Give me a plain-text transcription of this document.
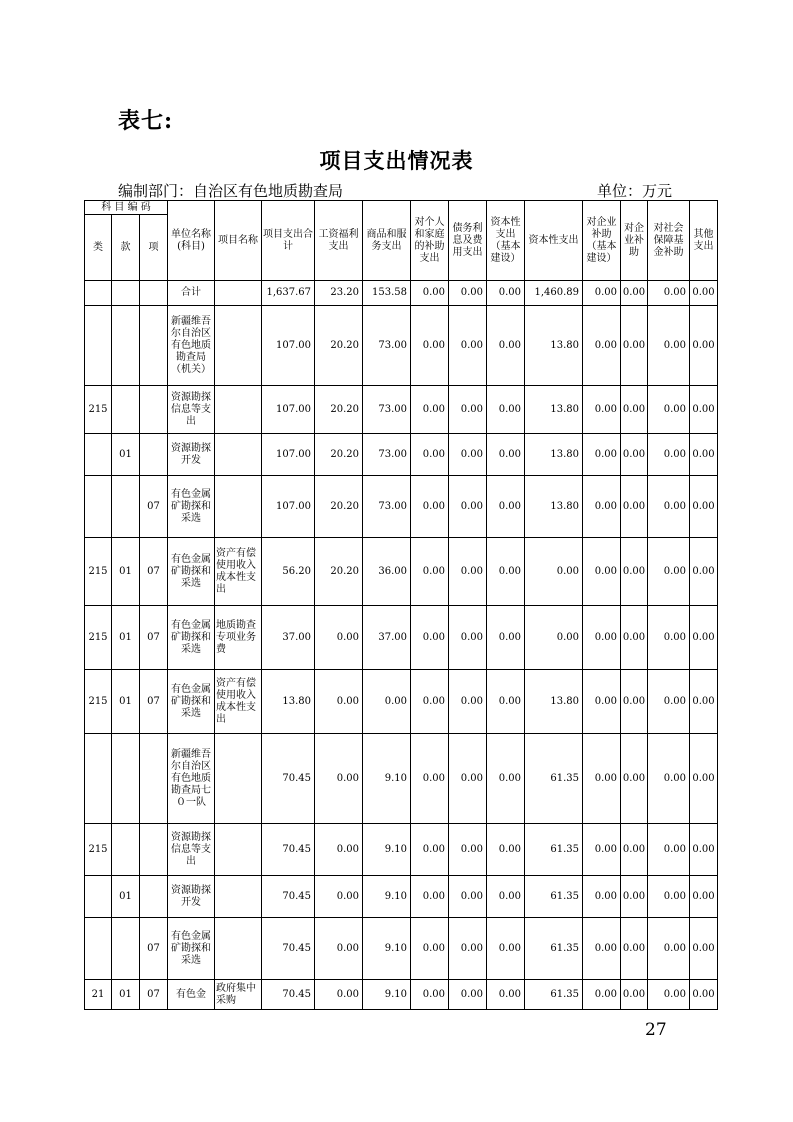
表七:
项目支出情况表
编制部门：自治区有色地质勘查局	单位：万元
科 目 编 码			单位名称(科目)	项目名称	项目支出合计	工资福利支出	商品和服务支出	对个人和家庭的补助支出	债务利息及费用支出	资本性支出（基本建设）	资本性支出	对企业补助（基本建设）	对企业补助	对社会保障基金补助	其他支出
类	款	项													
			合计		1,637.67	23.20	153.58	0.00	0.00	0.00	1,460.89	0.00	0.00	0.00	0.00
			新疆维吾尔自治区有色地质勘查局（机关）		107.00	20.20	73.00	0.00	0.00	0.00	13.80	0.00	0.00	0.00	0.00
215			资源勘探信息等支出		107.00	20.20	73.00	0.00	0.00	0.00	13.80	0.00	0.00	0.00	0.00
	01		资源勘探开发		107.00	20.20	73.00	0.00	0.00	0.00	13.80	0.00	0.00	0.00	0.00
		07	有色金属矿勘探和采选		107.00	20.20	73.00	0.00	0.00	0.00	13.80	0.00	0.00	0.00	0.00
215	01	07	有色金属矿勘探和采选	资产有偿使用收入成本性支出	56.20	20.20	36.00	0.00	0.00	0.00	0.00	0.00	0.00	0.00	0.00
215	01	07	有色金属矿勘探和采选	地质勘查专项业务费	37.00	0.00	37.00	0.00	0.00	0.00	0.00	0.00	0.00	0.00	0.00
215	01	07	有色金属矿勘探和采选	资产有偿使用收入成本性支出	13.80	0.00	0.00	0.00	0.00	0.00	13.80	0.00	0.00	0.00	0.00
			新疆维吾尔自治区有色地质勘查局七０一队		70.45	0.00	9.10	0.00	0.00	0.00	61.35	0.00	0.00	0.00	0.00
215			资源勘探信息等支出		70.45	0.00	9.10	0.00	0.00	0.00	61.35	0.00	0.00	0.00	0.00
	01		资源勘探开发		70.45	0.00	9.10	0.00	0.00	0.00	61.35	0.00	0.00	0.00	0.00
		07	有色金属矿勘探和采选		70.45	0.00	9.10	0.00	0.00	0.00	61.35	0.00	0.00	0.00	0.00
21	01	07	有色金	政府集中采购	70.45	0.00	9.10	0.00	0.00	0.00	61.35	0.00	0.00	0.00	0.00
27
